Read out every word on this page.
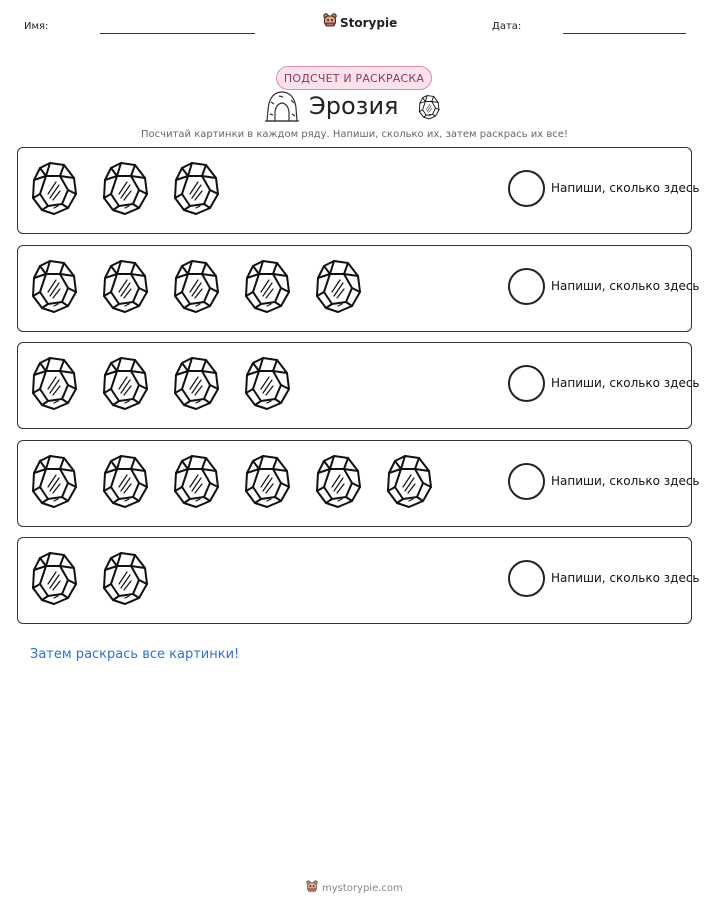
Имя:	Storypie	Дата:
ПОДСЧЕТ И РАСКРАСКА
Эрозия
Посчитай картинки в каждом ряду. Напиши, сколько их, затем раскрась их все!
Напиши, сколько здесь
Напиши, сколько здесь
Напиши, сколько здесь
Напиши, сколько здесь
Напиши, сколько здесь
Затем раскрась все картинки!
mystorypie.com
